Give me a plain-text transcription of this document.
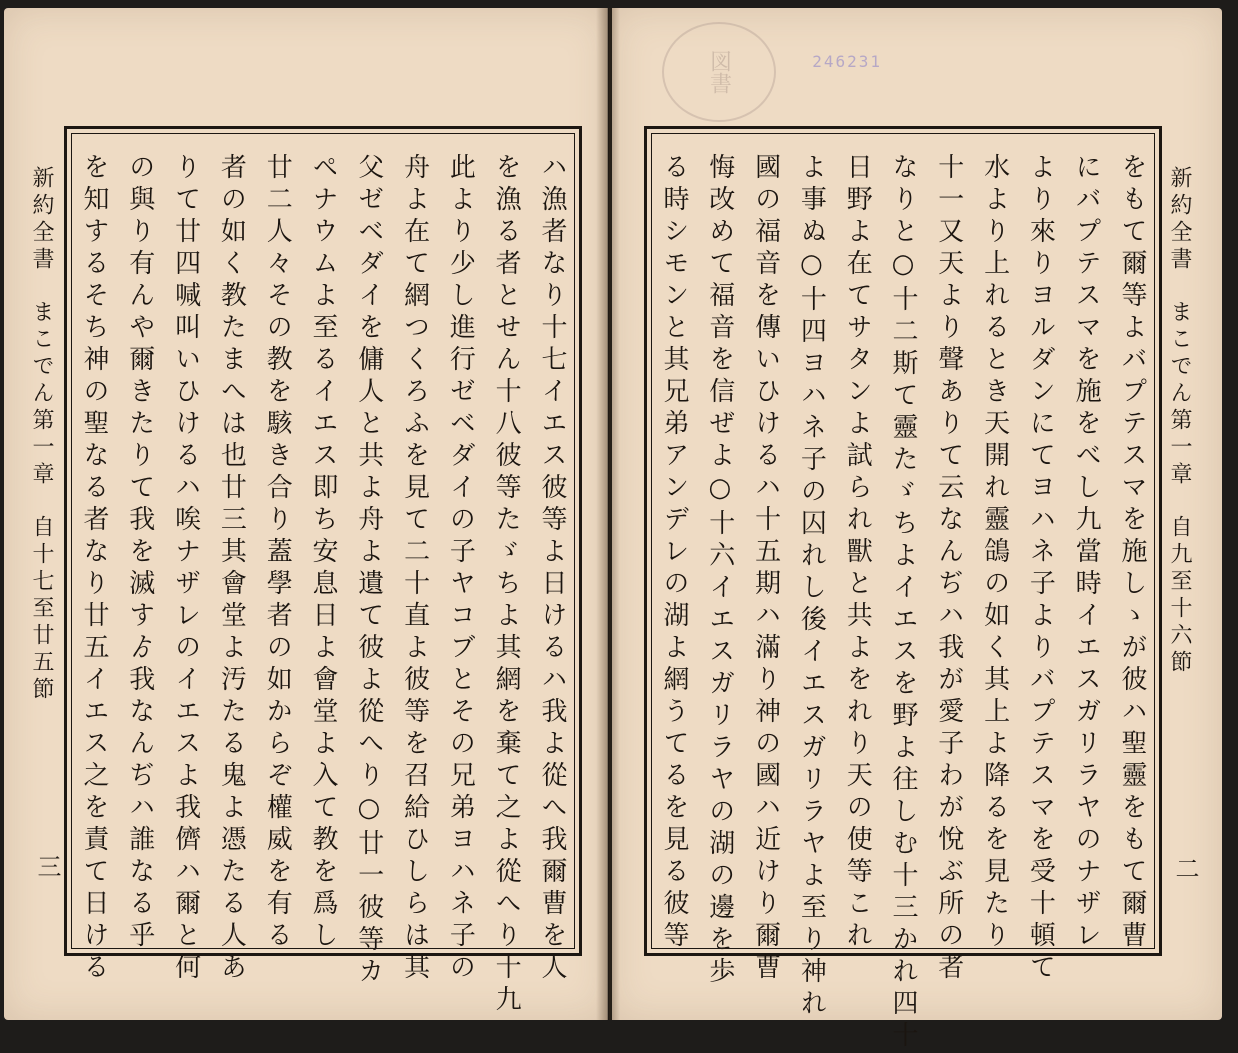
新約全書まこでん第一章自十七至廿五節
三	ハ漁者なり十七イエス彼等よ日けるハ我よ從へ我爾曹を人
を漁る者とせん十八彼等たゞちよ其網を棄て之よ從へり十九
此より少し進行ゼベダイの子ヤコブとその兄弟ヨハネ子の
舟よ在て網つくろふを見て二十直よ彼等を召給ひしらは其
父ゼベダイを傭人と共よ舟よ遺て彼よ從へり○廿一彼等カ
ペナウムよ至るイエス即ち安息日よ會堂よ入て教を爲し
廿二人々その教を駭き合り蓋學者の如からぞ權威を有る
者の如く教たまへは也廿三其會堂よ汚たる鬼よ憑たる人あ
りて廿四喊叫いひけるハ唉ナザレのイエスよ我儕ハ爾と何
の與り有んや爾きたりて我を滅すゟ我なんぢハ誰なる乎
を知するそち神の聖なる者なり廿五イエス之を責て日ける
図書	246231
新約全書まこでん第一章自九至十六節
二
をもて爾等よバプテスマを施しゝが彼ハ聖靈をもて爾曹
にバプテスマを施をべし九當時イエスガリラヤのナザレ
より來りヨルダンにてヨハネ子よりバプテスマを受十頓て
水より上れるとき天開れ靈鴿の如く其上よ降るを見たり
十一又天より聲ありて云なんぢハ我が愛子わが悅ぶ所の者
なりと○十二斯て靈たゞちよイエスを野よ往しむ十三かれ四十
日野よ在てサタンよ試られ獸と共よをれり天の使等これ
よ事ぬ○十四ヨハネ子の囚れし後イエスガリラヤよ至り神れ
國の福音を傳いひけるハ十五期ハ滿り神の國ハ近けり爾曹
悔改めて福音を信ぜよ○十六イエスガリラヤの湖の邊を歩
る時シモンと其兄弟アンデレの湖よ網うてるを見る彼等
